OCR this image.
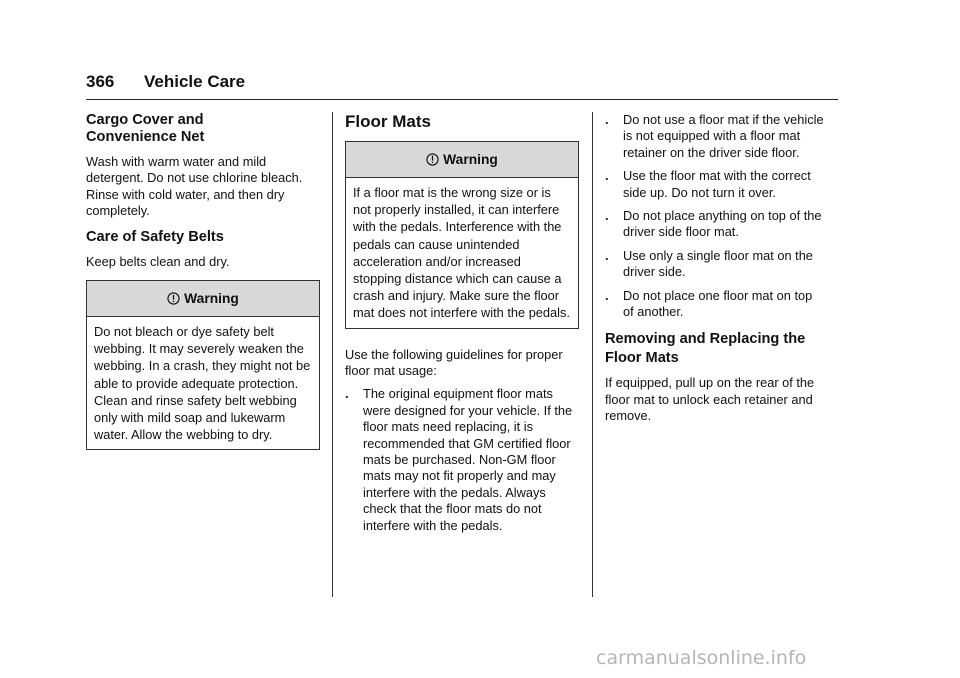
366 Vehicle Care
Cargo Cover and Convenience Net

Wash with warm water and mild detergent. Do not use chlorine bleach. Rinse with cold water, and then dry completely.

Care of Safety Belts

Keep belts clean and dry.

Warning
Do not bleach or dye safety belt webbing. It may severely weaken the webbing. In a crash, they might not be able to provide adequate protection. Clean and rinse safety belt webbing only with mild soap and lukewarm water. Allow the webbing to dry.
Floor Mats
Warning
If a floor mat is the wrong size or is not properly installed, it can interfere with the pedals. Interference with the pedals can cause unintended acceleration and/or increased stopping distance which can cause a crash and injury. Make sure the floor mat does not interfere with the pedals.

Use the following guidelines for proper floor mat usage:

.	The original equipment floor mats were designed for your vehicle. If the floor mats need replacing, it is recommended that GM certified floor mats be purchased. Non-GM floor mats may not fit properly and may interfere with the pedals. Always check that the floor mats do not interfere with the pedals.
.	Do not use a floor mat if the vehicle is not equipped with a floor mat retainer on the driver side floor.
.	Use the floor mat with the correct side up. Do not turn it over.
.	Do not place anything on top of the driver side floor mat.
.	Use only a single floor mat on the driver side.
.	Do not place one floor mat on top of another.
Removing and Replacing the Floor Mats

If equipped, pull up on the rear of the floor mat to unlock each retainer and remove.

carmanualsonline.info
